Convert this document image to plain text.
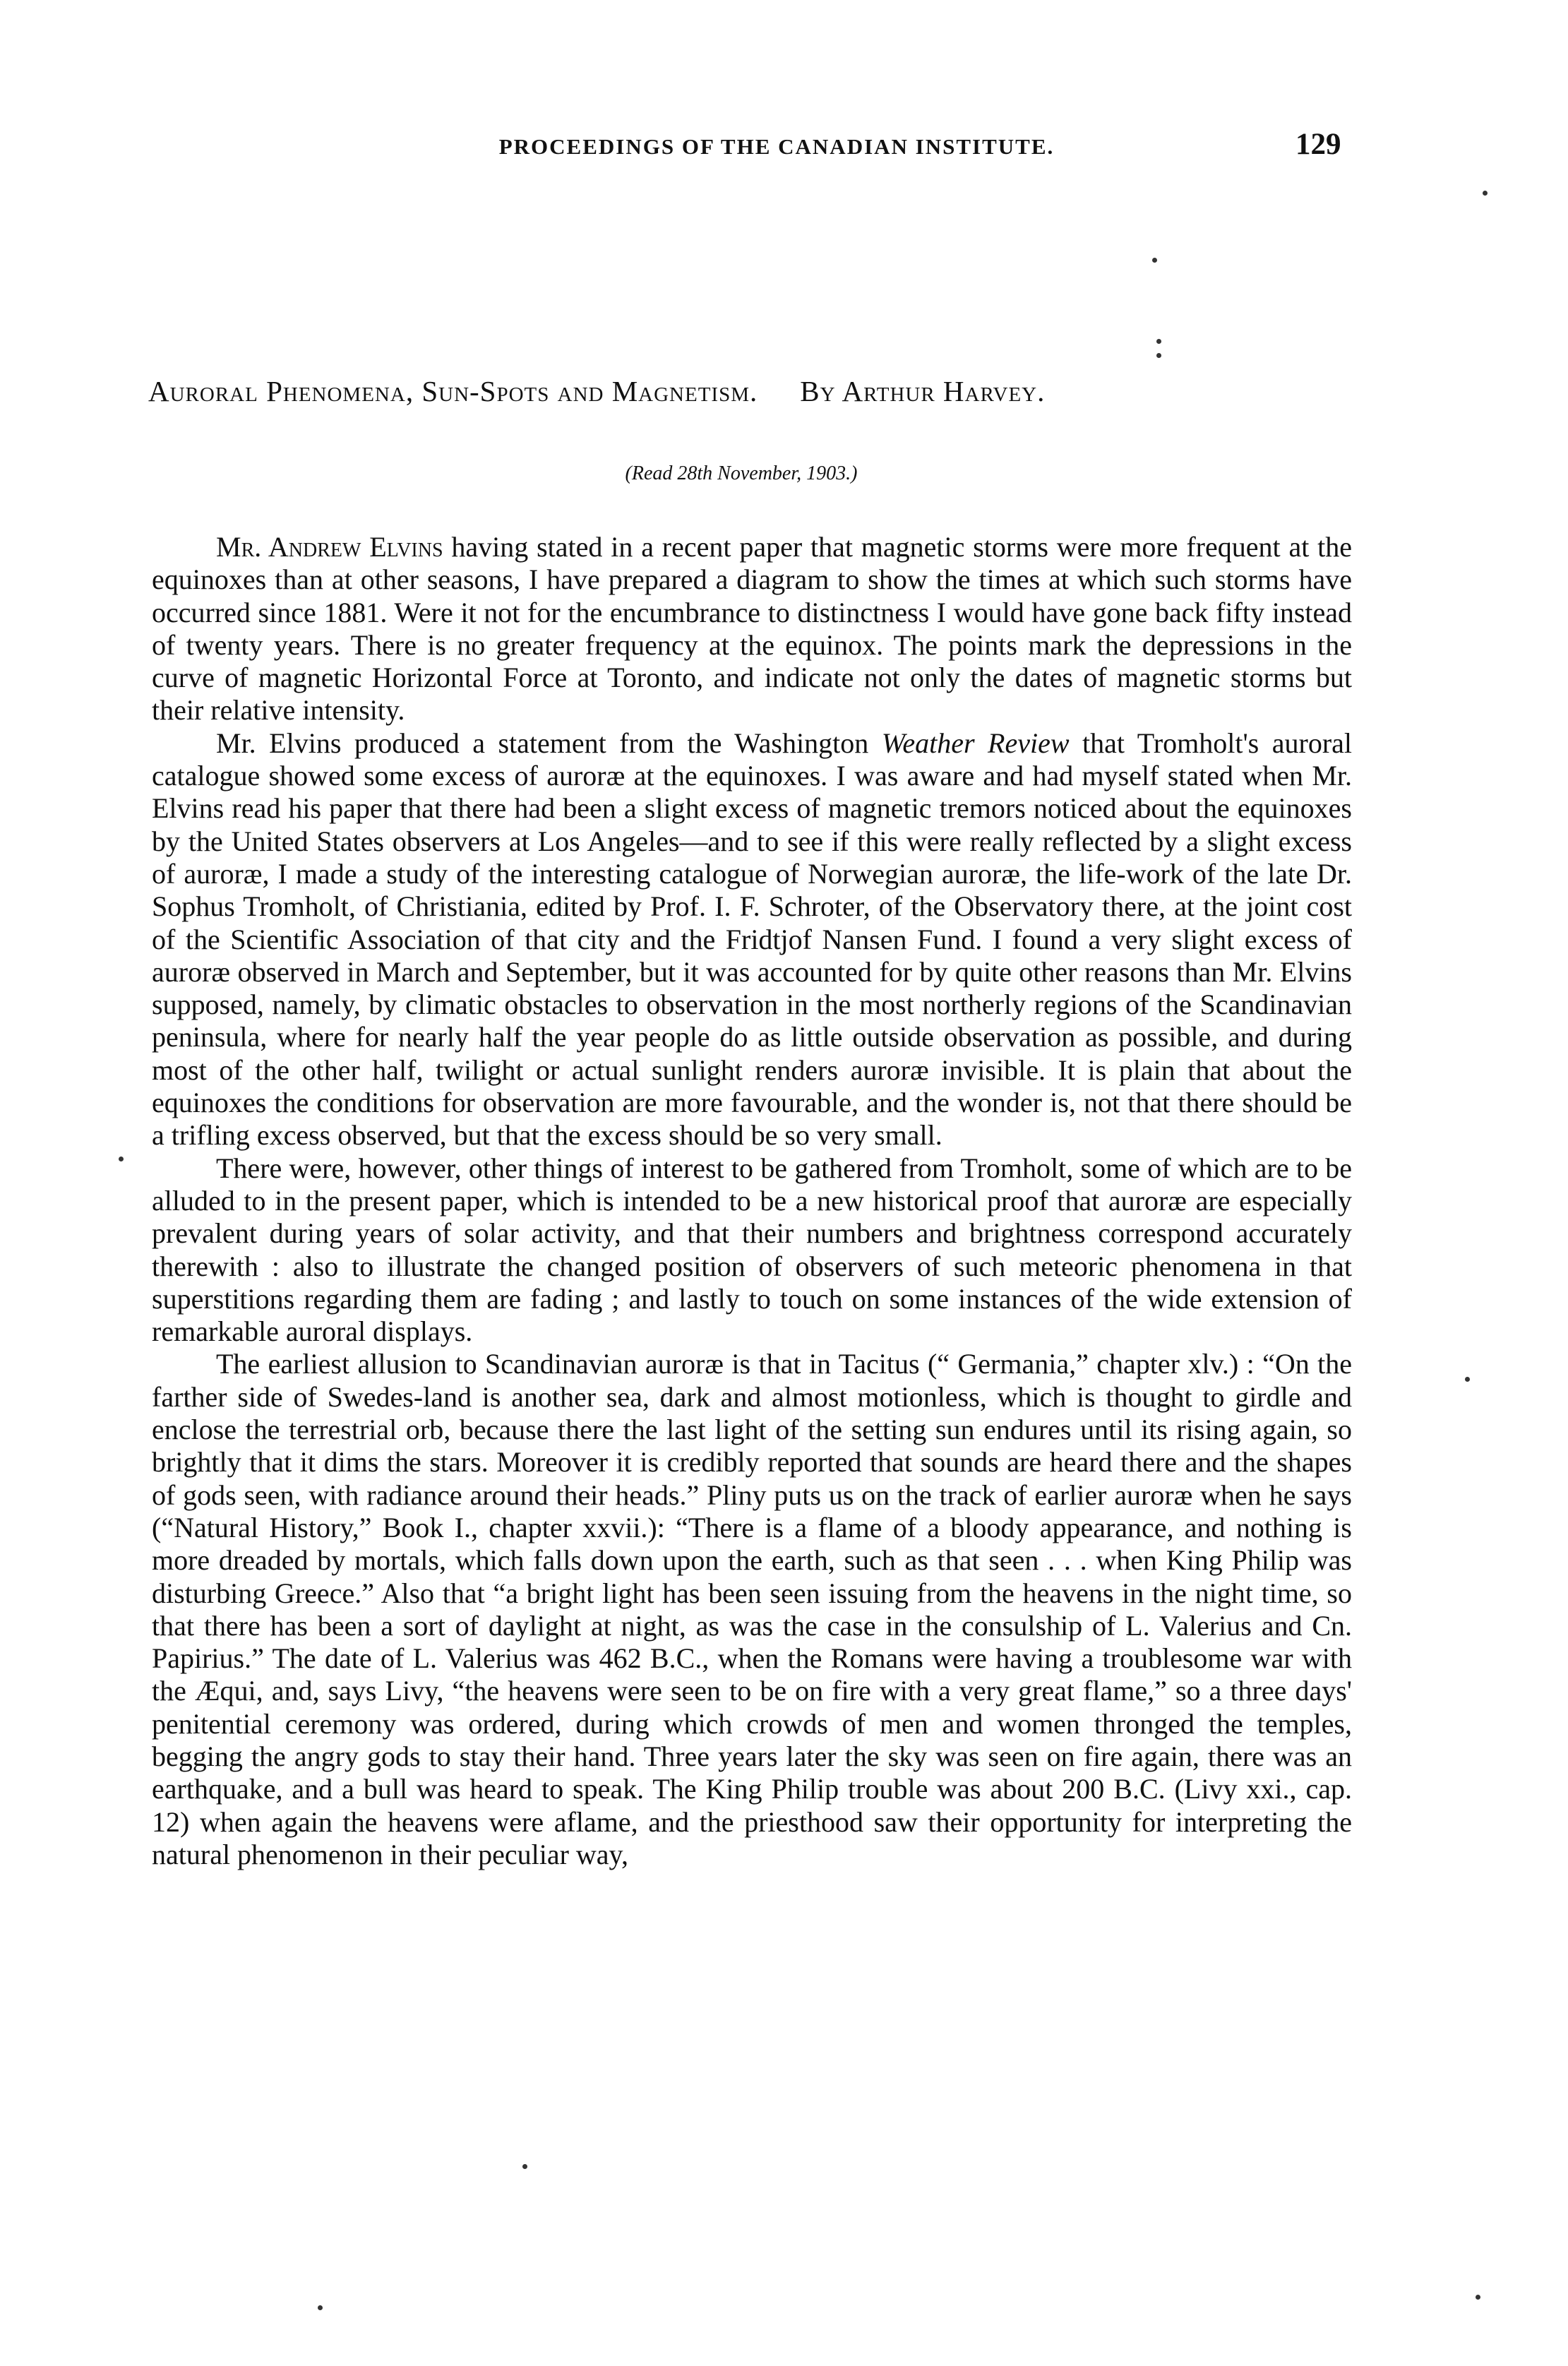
PROCEEDINGS OF THE CANADIAN INSTITUTE.	129
Auroral Phenomena, Sun-Spots and Magnetism. By Arthur Harvey.
(Read 28th November, 1903.)

Mr. Andrew Elvins having stated in a recent paper that magnetic storms were more frequent at the equinoxes than at other seasons, I have prepared a diagram to show the times at which such storms have occurred since 1881. Were it not for the encumbrance to distinctness I would have gone back fifty instead of twenty years. There is no greater frequency at the equinox. The points mark the depressions in the curve of magnetic Horizontal Force at Toronto, and indicate not only the dates of magnetic storms but their relative intensity.

Mr. Elvins produced a statement from the Washington Weather Review that Tromholt's auroral catalogue showed some excess of auroræ at the equinoxes. I was aware and had myself stated when Mr. Elvins read his paper that there had been a slight excess of magnetic tremors noticed about the equinoxes by the United States observers at Los Angeles—and to see if this were really reflected by a slight excess of auroræ, I made a study of the interesting catalogue of Norwegian auroræ, the life-work of the late Dr. Sophus Tromholt, of Christiania, edited by Prof. I. F. Schroter, of the Observatory there, at the joint cost of the Scientific Association of that city and the Fridtjof Nansen Fund. I found a very slight excess of auroræ observed in March and September, but it was accounted for by quite other reasons than Mr. Elvins supposed, namely, by climatic obstacles to observation in the most northerly regions of the Scandinavian peninsula, where for nearly half the year people do as little outside observation as possible, and during most of the other half, twilight or actual sunlight renders auroræ invisible. It is plain that about the equinoxes the conditions for observation are more favourable, and the wonder is, not that there should be a trifling excess observed, but that the excess should be so very small.

There were, however, other things of interest to be gathered from Tromholt, some of which are to be alluded to in the present paper, which is intended to be a new historical proof that auroræ are especially prevalent during years of solar activity, and that their numbers and brightness correspond accurately therewith : also to illustrate the changed position of observers of such meteoric phenomena in that superstitions regarding them are fading ; and lastly to touch on some instances of the wide extension of remarkable auroral displays.

The earliest allusion to Scandinavian auroræ is that in Tacitus (“ Germania,” chapter xlv.) : “On the farther side of Swedes-land is another sea, dark and almost motionless, which is thought to girdle and enclose the terrestrial orb, because there the last light of the setting sun endures until its rising again, so brightly that it dims the stars. Moreover it is credibly reported that sounds are heard there and the shapes of gods seen, with radiance around their heads.” Pliny puts us on the track of earlier auroræ when he says (“Natural History,” Book I., chapter xxvii.): “There is a flame of a bloody appearance, and nothing is more dreaded by mortals, which falls down upon the earth, such as that seen . . . when King Philip was disturbing Greece.” Also that “a bright light has been seen issuing from the heavens in the night time, so that there has been a sort of daylight at night, as was the case in the consulship of L. Valerius and Cn. Papirius.” The date of L. Valerius was 462 B.C., when the Romans were having a troublesome war with the Æqui, and, says Livy, “the heavens were seen to be on fire with a very great flame,” so a three days' penitential ceremony was ordered, during which crowds of men and women thronged the temples, begging the angry gods to stay their hand. Three years later the sky was seen on fire again, there was an earthquake, and a bull was heard to speak. The King Philip trouble was about 200 B.C. (Livy xxi., cap. 12) when again the heavens were aflame, and the priesthood saw their opportunity for interpreting the natural phenomenon in their peculiar way,
